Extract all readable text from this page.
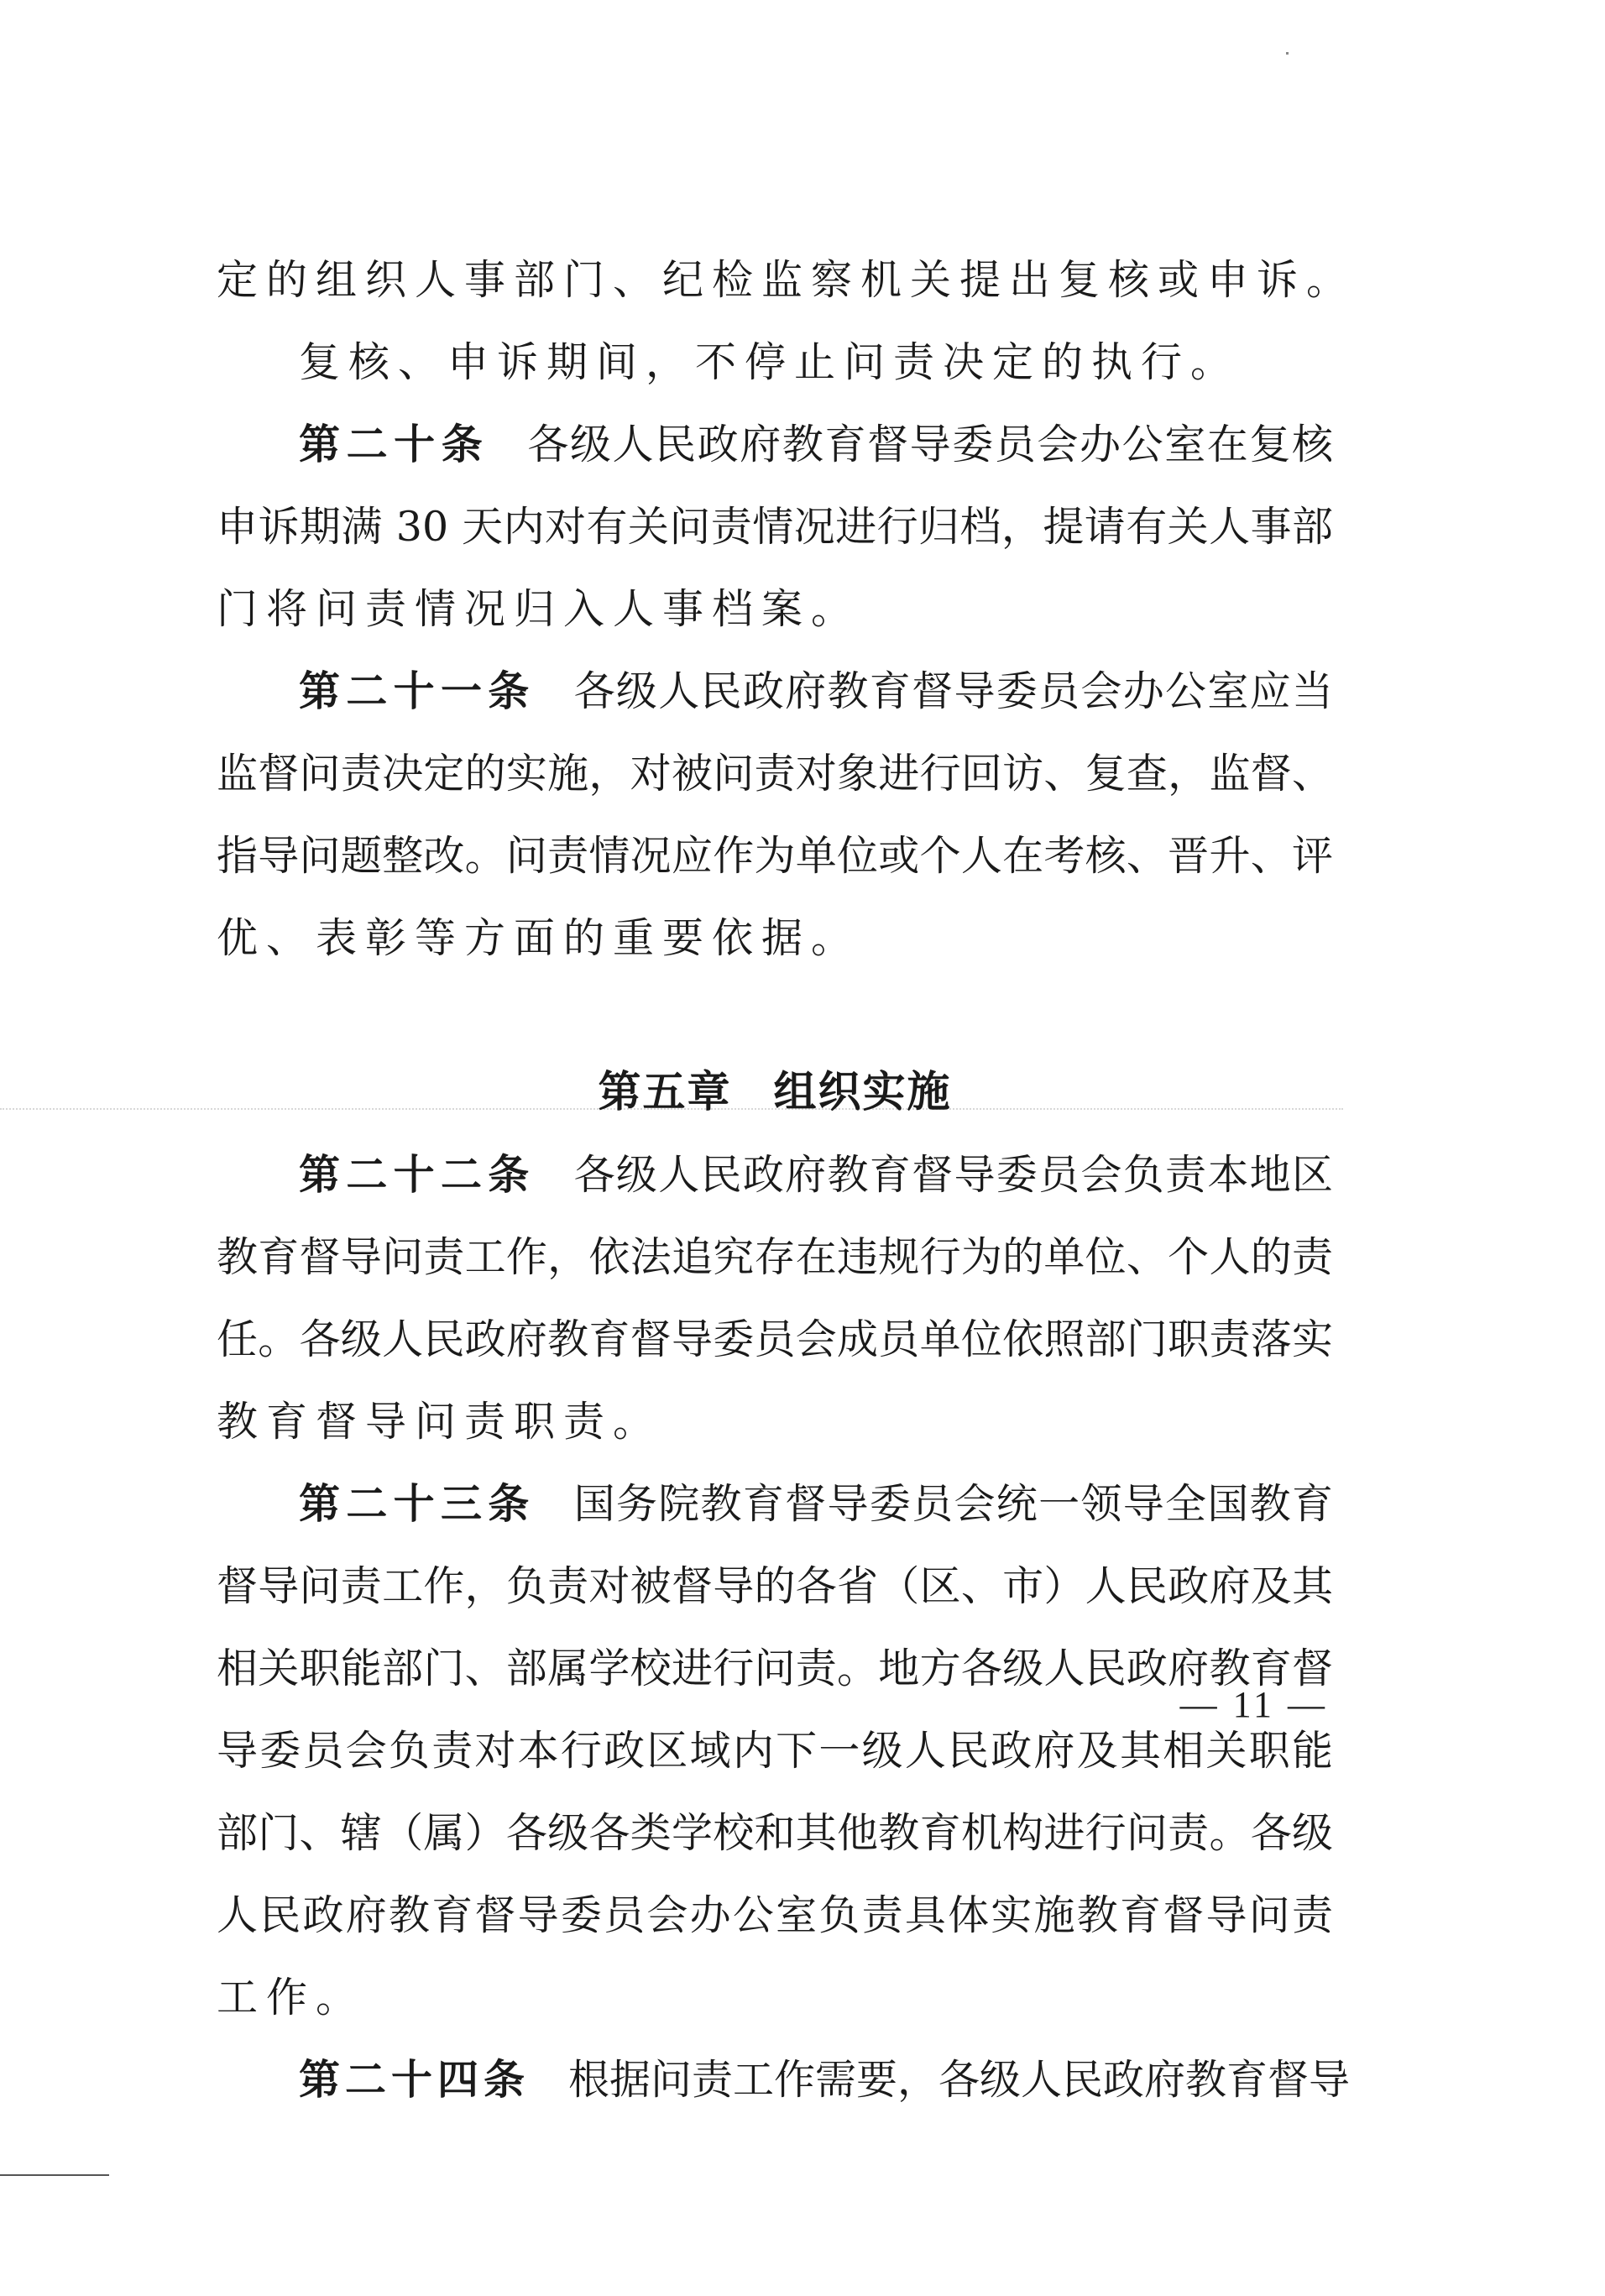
定的组织人事部门、纪检监察机关提出复核或申诉。
复核、申诉期间，不停止问责决定的执行。
第二十条 各级人民政府教育督导委员会办公室在复核
申诉期满 30 天内对有关问责情况进行归档，提请有关人事部
门将问责情况归入人事档案。
第二十一条 各级人民政府教育督导委员会办公室应当
监督问责决定的实施，对被问责对象进行回访、复查，监督、
指导问题整改。问责情况应作为单位或个人在考核、晋升、评
优、表彰等方面的重要依据。
第五章 组织实施
第二十二条 各级人民政府教育督导委员会负责本地区
教育督导问责工作，依法追究存在违规行为的单位、个人的责
任。各级人民政府教育督导委员会成员单位依照部门职责落实
教育督导问责职责。
第二十三条 国务院教育督导委员会统一领导全国教育
督导问责工作，负责对被督导的各省（区、市）人民政府及其
相关职能部门、部属学校进行问责。地方各级人民政府教育督
导委员会负责对本行政区域内下一级人民政府及其相关职能
部门、辖（属）各级各类学校和其他教育机构进行问责。各级
人民政府教育督导委员会办公室负责具体实施教育督导问责
工作。
第二十四条 根据问责工作需要，各级人民政府教育督导
— 11 —
